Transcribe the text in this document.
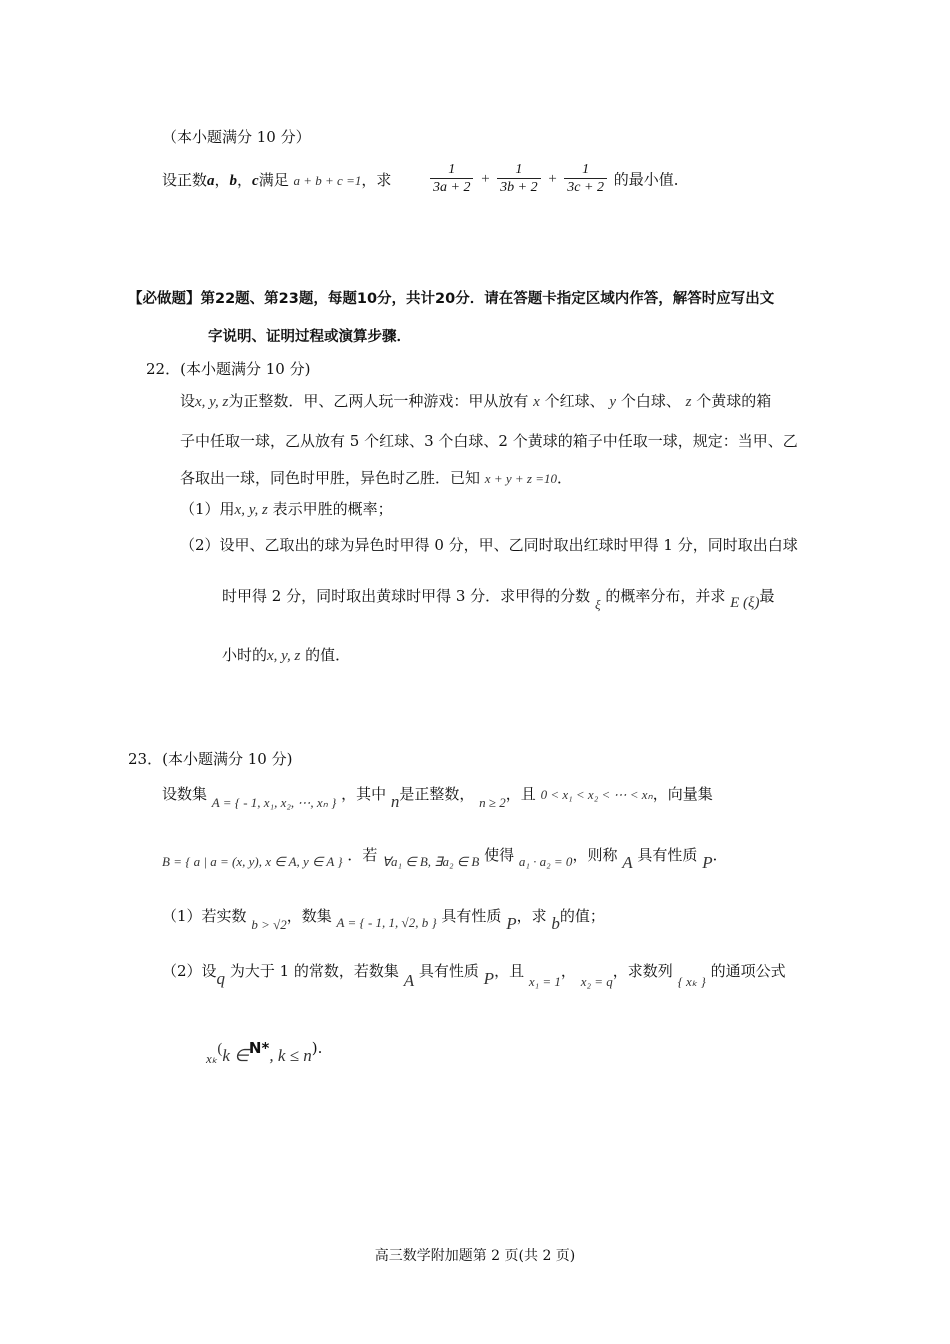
（本小题满分 10 分）
设正数a，b，c满足 a + b + c =1，求	$\frac{1}{3a + 2} + \frac{1}{3b + 2} + \frac{1}{3c + 2}$ 的最小值．
【必做题】第22题、第23题，每题10分，共计20分．请在答题卡指定区域内作答，解答时应写出文
字说明、证明过程或演算步骤．
22．(本小题满分 10 分)
设x, y, z为正整数．甲、乙两人玩一种游戏：甲从放有 x 个红球、 y 个白球、 z 个黄球的箱
子中任取一球，乙从放有 5 个红球、3 个白球、2 个黄球的箱子中任取一球，规定：当甲、乙
各取出一球，同色时甲胜，异色时乙胜．已知 x + y + z =10．
（1）用x, y, z 表示甲胜的概率；
（2）设甲、乙取出的球为异色时甲得 0 分，甲、乙同时取出红球时甲得 1 分，同时取出白球
时甲得 2 分，同时取出黄球时甲得 3 分．求甲得的分数 ξ 的概率分布，并求 E (ξ)最
小时的x, y, z 的值．
23．(本小题满分 10 分)
设数集 A = { - 1, x₁, x₂, ⋯, xₙ } ，其中 n是正整数， n ≥ 2，且 0 < x₁ < x₂ < ⋯ < xₙ，向量集
B = { a | a = (x, y), x ∈ A, y ∈ A } ．若 ∀a₁ ∈ B, ∃a₂ ∈ B 使得 a₁ · a₂ = 0，则称 A 具有性质 P．
（1）若实数 b > √2，数集 A = { - 1, 1, √2, b } 具有性质 P，求 b的值；
（2）设q 为大于 1 的常数，若数集 A 具有性质 P，且 x₁ = 1， x₂ = q，求数列 { xₖ } 的通项公式
xₖ(k ∈N*, k ≤ n).
高三数学附加题第 2 页(共 2 页)
